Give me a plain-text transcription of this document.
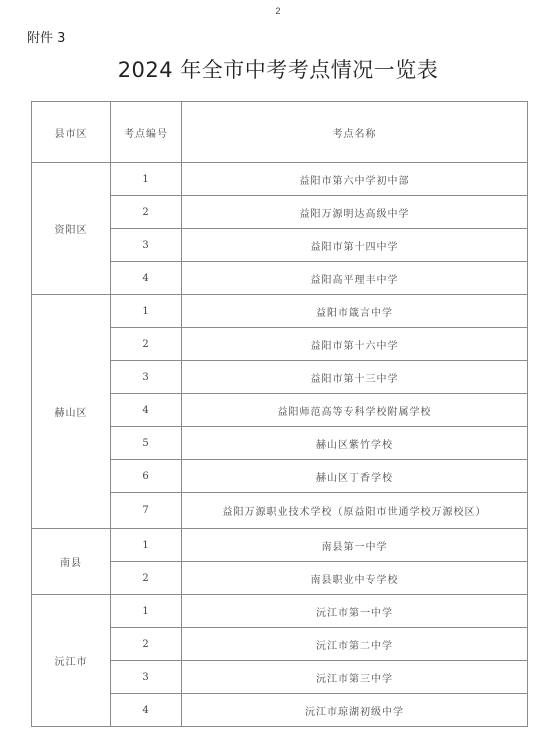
2
附件 3
2024 年全市中考考点情况一览表
县市区	考点编号	考点名称
资阳区	1	益阳市第六中学初中部
	2	益阳万源明达高级中学
	3	益阳市第十四中学
	4	益阳高平理丰中学
赫山区	1	益阳市箴言中学
	2	益阳市第十六中学
	3	益阳市第十三中学
	4	益阳师范高等专科学校附属学校
	5	赫山区紫竹学校
	6	赫山区丁香学校
	7	益阳万源职业技术学校（原益阳市世通学校万源校区）
南县	1	南县第一中学
	2	南县职业中专学校
沅江市	1	沅江市第一中学
	2	沅江市第二中学
	3	沅江市第三中学
	4	沅江市琼湖初级中学
